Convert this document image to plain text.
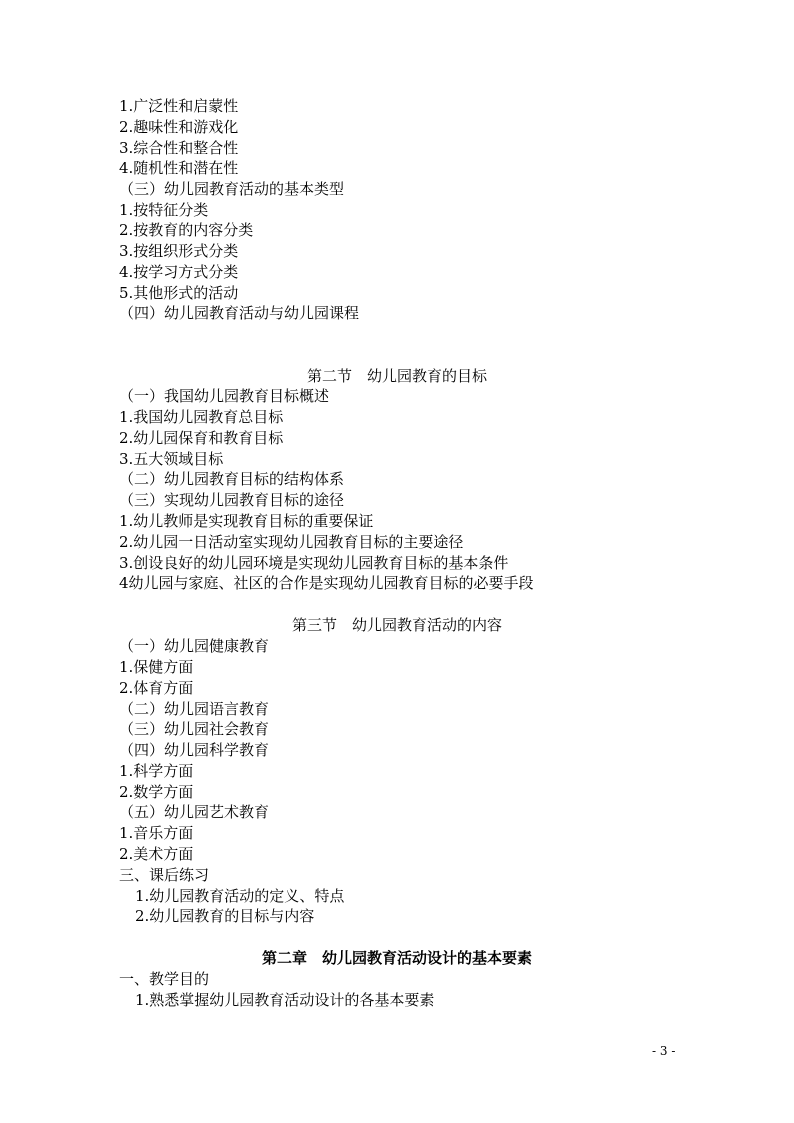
1.广泛性和启蒙性
2.趣味性和游戏化
3.综合性和整合性
4.随机性和潜在性
（三）幼儿园教育活动的基本类型
1.按特征分类
2.按教育的内容分类
3.按组织形式分类
4.按学习方式分类
5.其他形式的活动
（四）幼儿园教育活动与幼儿园课程
第二节　幼儿园教育的目标
（一）我国幼儿园教育目标概述
1.我国幼儿园教育总目标
2.幼儿园保育和教育目标
3.五大领域目标
（二）幼儿园教育目标的结构体系
（三）实现幼儿园教育目标的途径
1.幼儿教师是实现教育目标的重要保证
2.幼儿园一日活动室实现幼儿园教育目标的主要途径
3.创设良好的幼儿园环境是实现幼儿园教育目标的基本条件
4幼儿园与家庭、社区的合作是实现幼儿园教育目标的必要手段
第三节　幼儿园教育活动的内容
（一）幼儿园健康教育
1.保健方面
2.体育方面
（二）幼儿园语言教育
（三）幼儿园社会教育
（四）幼儿园科学教育
1.科学方面
2.数学方面
（五）幼儿园艺术教育
1.音乐方面
2.美术方面
三、课后练习
1.幼儿园教育活动的定义、特点
2.幼儿园教育的目标与内容
第二章　幼儿园教育活动设计的基本要素
一、教学目的
1.熟悉掌握幼儿园教育活动设计的各基本要素
- 3 -
